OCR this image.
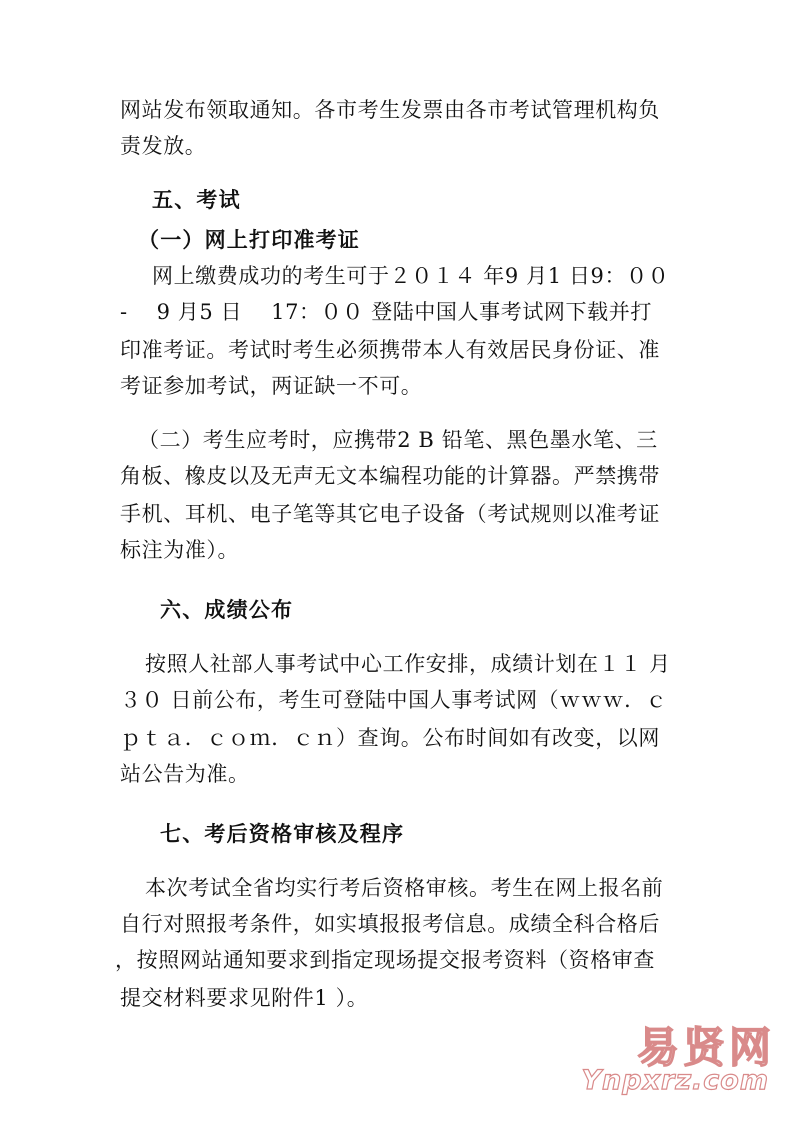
网站发布领取通知。各市考生发票由各市考试管理机构负

责发放。

五、考试

（一）网上打印准考证

网上缴费成功的考生可于２０１４ 年9 月1 日9：００

- 　9 月5 日 　17：００ 登陆中国人事考试网下载并打

印准考证。考试时考生必须携带本人有效居民身份证、准

考证参加考试，两证缺一不可。

（二）考生应考时，应携带2 B 铅笔、黑色墨水笔、三

角板、橡皮以及无声无文本编程功能的计算器。严禁携带

手机、耳机、电子笔等其它电子设备（考试规则以准考证

标注为准）。

六、成绩公布

按照人社部人事考试中心工作安排，成绩计划在１１ 月

３０ 日前公布，考生可登陆中国人事考试网（ｗｗｗ．ｃ

ｐｔａ．ｃｏｍ．ｃｎ）查询。公布时间如有改变，以网

站公告为准。

七、考后资格审核及程序

本次考试全省均实行考后资格审核。考生在网上报名前

自行对照报考条件，如实填报报考信息。成绩全科合格后

，按照网站通知要求到指定现场提交报考资料（资格审查

提交材料要求见附件1 ）。

易贤网
Ynpxrz.com
